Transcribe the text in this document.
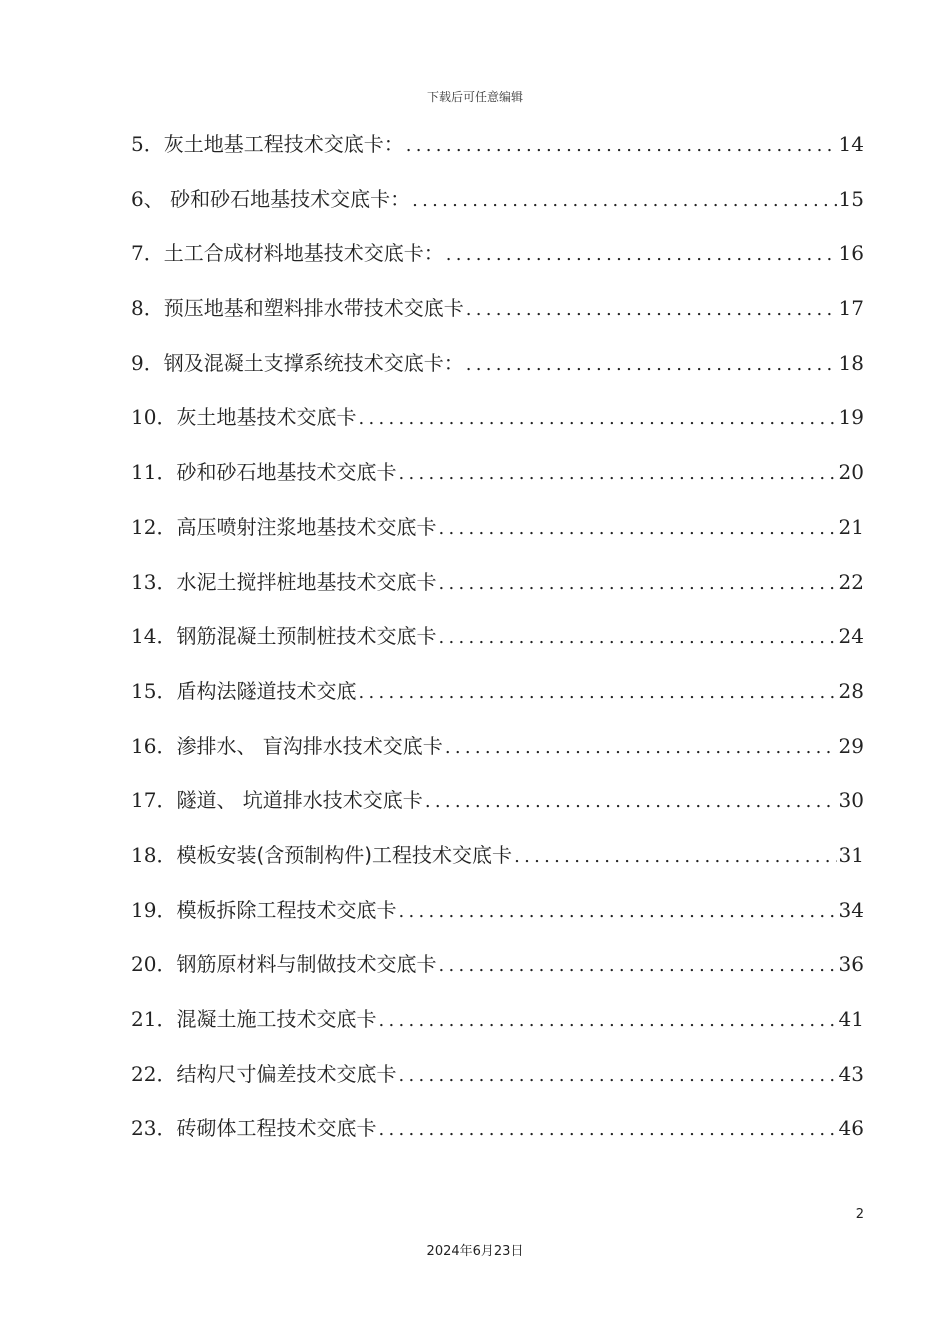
下载后可任意编辑
5． 灰土地基工程技术交底卡： .....	14
6、 砂和砂石地基技术交底卡： .....	15
7． 土工合成材料地基技术交底卡： .....	16
8． 预压地基和塑料排水带技术交底卡 .....	17
9． 钢及混凝土支撑系统技术交底卡： .....	18
10． 灰土地基技术交底卡 .....	19
11． 砂和砂石地基技术交底卡 .....	20
12． 高压喷射注浆地基技术交底卡 .....	21
13． 水泥土搅拌桩地基技术交底卡 .....	22
14． 钢筋混凝土预制桩技术交底卡 .....	24
15． 盾构法隧道技术交底 .....	28
16． 渗排水、 盲沟排水技术交底卡 .....	29
17． 隧道、 坑道排水技术交底卡 .....	30
18． 模板安装(含预制构件)工程技术交底卡 .....	31
19． 模板拆除工程技术交底卡 .....	34
20． 钢筋原材料与制做技术交底卡 .....	36
21． 混凝土施工技术交底卡 .....	41
22． 结构尺寸偏差技术交底卡 .....	43
23． 砖砌体工程技术交底卡 .....	46
2
2024年6月23日
